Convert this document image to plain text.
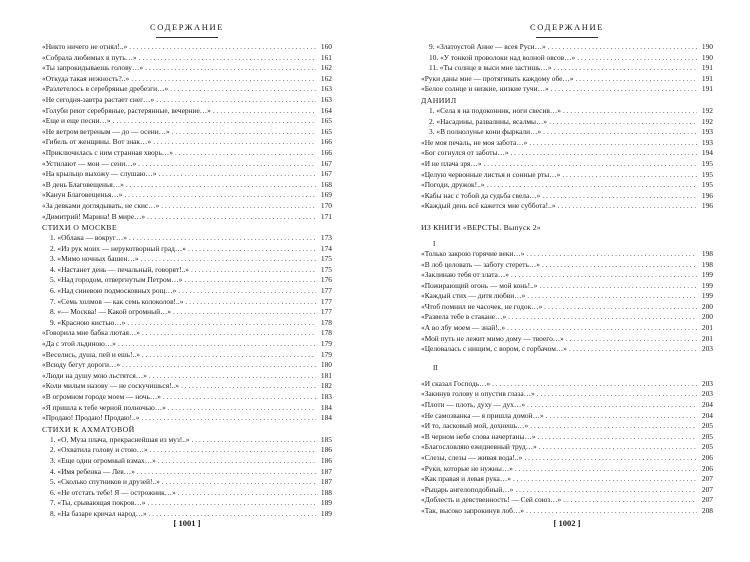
СОДЕРЖАНИЕ
«Никто ничего не отнял!..» . . .	160
«Собрала любимых в путь…» . . .	161
«Ты запрокидываешь голову…» . . .	162
«Откуда такая нежность?..» . . .	162
«Разлетелось в серебряные дребезги…» . . .	163
«Не сегодня-завтра растает снег…» . . .	163
«Голуби реют серебряные, растерянные, вечерние…» . . .	164
«Еще и еще песни…» . . .	165
«Не ветром ветреным — до — осени…» . . .	165
«Гибель от женщины. Вот знак…» . . .	166
«Приключилась с ним странная хворь…» . . .	166
«Устилают — мои — сени…» . . .	167
«На крыльцо выхожу — слушаю…» . . .	167
«В день Благовещенья…» . . .	168
«Канун Благовещенья…» . . .	169
«За девками доглядывать, не скис…» . . .	170
«Димитрий! Марина! В мире…» . . .	171
СТИХИ О МОСКВЕ
1. «Облака — вокруг…» . . .	173
2. «Из рук моих — нерукотворный град…» . . .	174
3. «Мимо ночных башен…» . . .	175
4. «Настанет день — печальный, говорят!..» . . .	175
5. «Над городом, отвергнутым Петром…» . . .	176
6. «Над синевою подмосковных рощ…» . . .	177
7. «Семь холмов — как семь колоколов!..» . . .	177
8. «— Москва! — Какой огромный…» . . .	177
9. «Красною кистью…» . . .	178
«Говорила мне бабка лютая…» . . .	178
«Да с этой льдиною…» . . .	179
«Веселись, душа, пей и ешь!..» . . .	179
«Всюду бегут дороги…» . . .	180
«Люди на душу мою льстятся…» . . .	181
«Коли милым назову — не соскучишься!..» . . .	182
«В огромном городе моем — ночь…» . . .	183
«Я пришла к тебе черной полночью…» . . .	184
«Продаю! Продаю! Продаю!..» . . .	184
СТИХИ К АХМАТОВОЙ
1. «О, Муза плача, прекраснейшая из муз!..» . . .	185
2. «Охватила голову и стою…» . . .	186
3. «Еще один огромный взмах…» . . .	186
4. «Имя ребенка — Лев…» . . .	187
5. «Сколько спутников и друзей!..» . . .	187
6. «Не отстать тебе! Я — острожник…» . . .	188
7. «Ты, срывающая покров…» . . .	189
8. «На базаре кричал народ…» . . .	189
[ 1001 ]
СОДЕРЖАНИЕ
9. «Златоустой Анне — всея Руси…» . . .	190
10. «У тонкой проволоки над волной овсов…» . . .	190
11. «Ты солнце в выси мне застишь…» . . .	191
«Руки даны мне — протягивать каждому обе…» . . .	191
«Белое солнце и низкие, низкие тучи…» . . .	191
ДАНИИЛ
1. «Села я на подоконник, ноги свесив…» . . .	192
2. «Насадины, развалины, ясалмы…» . . .	192
3. «В полнолунье кони фыркали…» . . .	193
«Не моя печаль, не моя забота…» . . .	193
«Бог согнулся от заботы…» . . .	194
«И не плача зря…» . . .	195
«Целую червонные листья и сонные рты…» . . .	195
«Погоди, дружок!..» . . .	195
«Кабы нас с тобой да судьба свела…» . . .	196
«Каждый день всё кажется мне суббота!..» . . .	196
ИЗ КНИГИ «ВЕРСТЫ. Выпуск 2»
I
«Только закрою горячие веки…» . . .	198
«В лоб целовать — заботу стереть…» . . .	198
«Заклинаю тебя от злата…» . . .	199
«Пожирающий огонь — мой конь!..» . . .	199
«Каждый стих — дитя любви…» . . .	199
«Чтоб помнил не часочек, не годок…» . . .	200
«Развела тебе в стакане…» . . .	200
«А во лбу моем — знай!..» . . .	201
«Мой путь не лежит мимо дому — твоего…» . . .	201
«Целовалась с нищим, с вором, с горбачом…» . . .	203
II
«И сказал Господь…» . . .	203
«Закинув голову и опустив глаза…» . . .	203
«Плоти — плоть, духу — дух…» . . .	204
«Не самозванка — я пришла домой…» . . .	204
«И то, ласковый мой, дохнешь…» . . .	205
«В черном небе слова начертаны…» . . .	205
«Благословляю ежедневный труд…» . . .	205
«Слезы, слезы — живая вода!..» . . .	206
«Руки, которые не нужны…» . . .	206
«Как правая и левая рука…» . . .	207
«Рыцарь ангелоподобный…» . . .	207
«Доблесть и девственность! — Сей союз…» . . .	207
«Так, высоко запрокинув лоб…» . . .	208
[ 1002 ]
